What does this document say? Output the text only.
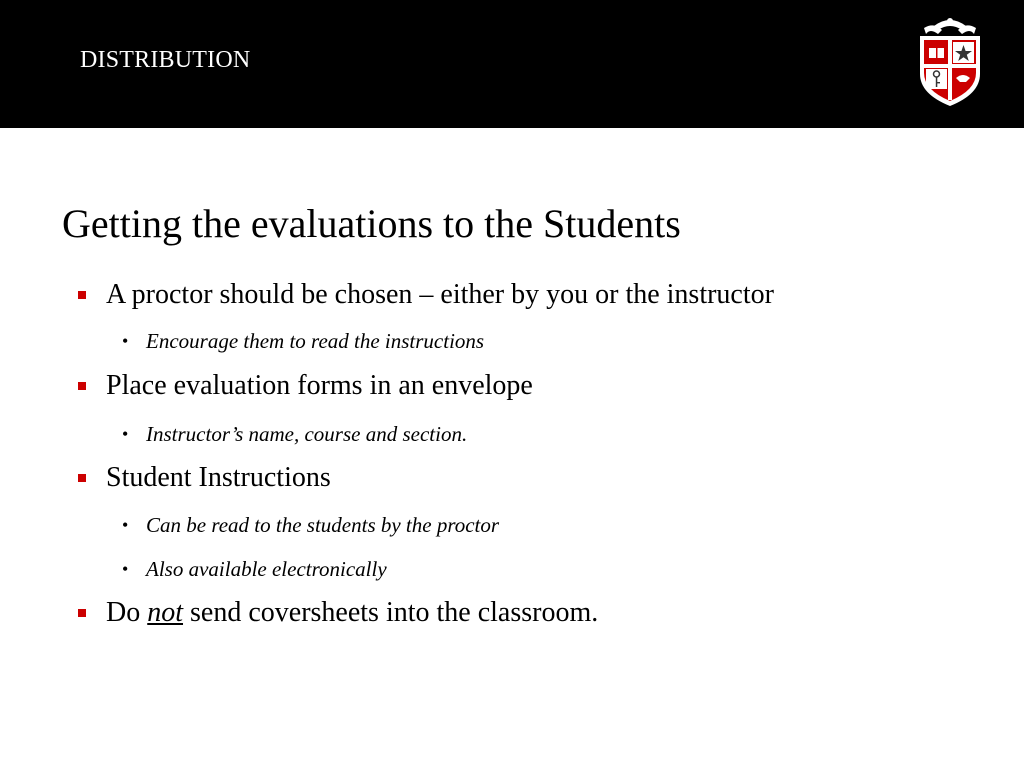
DISTRIBUTION
Getting the evaluations to the Students
A proctor should be chosen – either by you or the instructor
• Encourage them to read the instructions
Place evaluation forms in an envelope
• Instructor’s name, course and section.
Student Instructions
• Can be read to the students by the proctor
• Also available electronically
Do not send coversheets into the classroom.
